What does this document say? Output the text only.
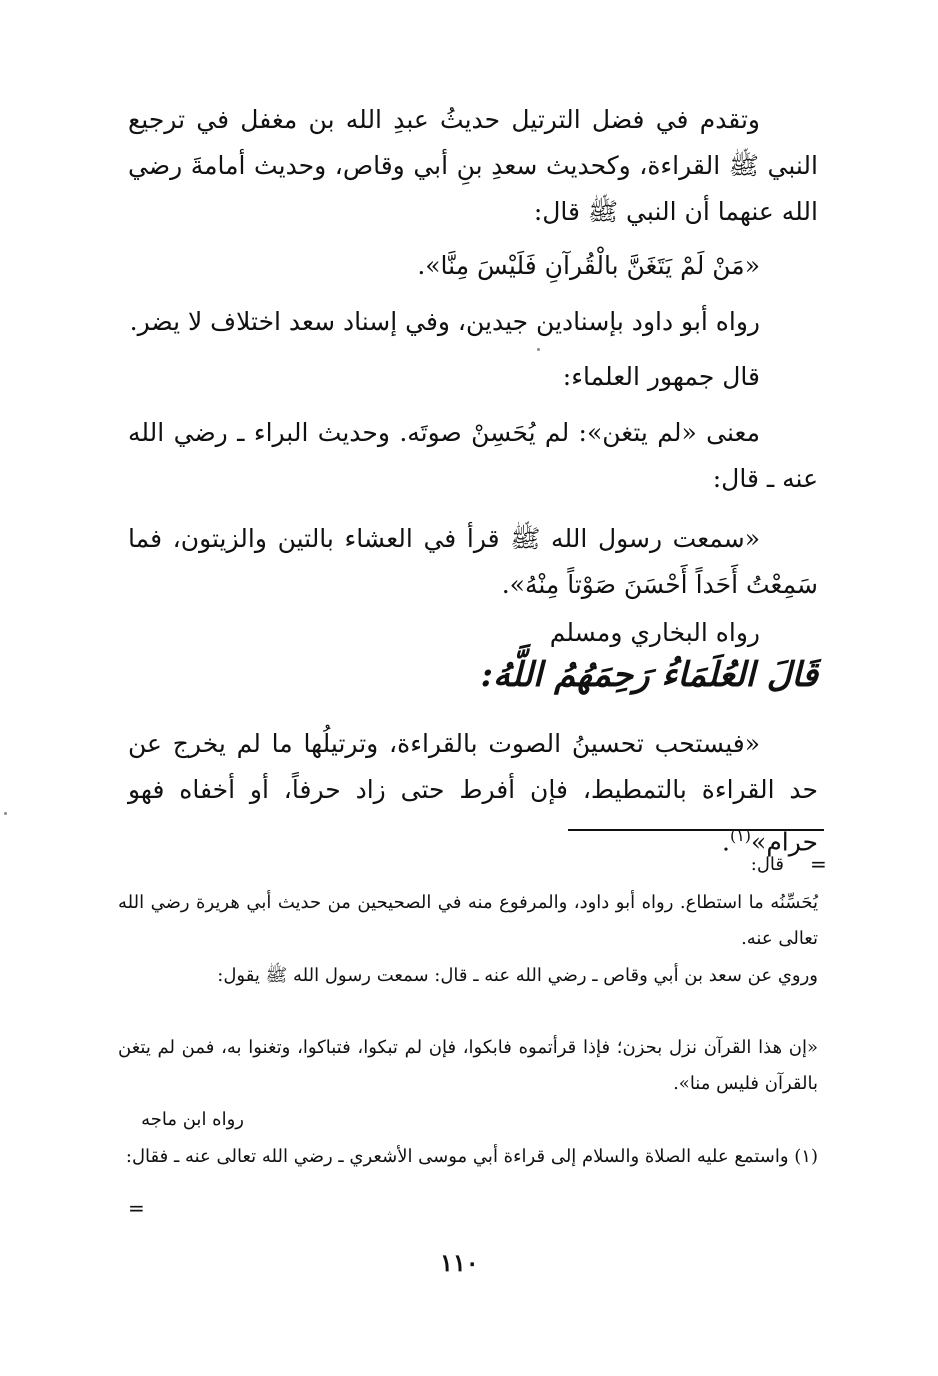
وتقدم في فضل الترتيل حديثُ عبدِ الله بن مغفل في ترجيع النبي ﷺ القراءة، وكحديث سعدِ بنِ أبي وقاص، وحديث أمامةَ رضي الله عنهما أن النبي ﷺ قال:

«مَنْ لَمْ يَتَغَنَّ بالْقُرآنِ فَلَيْسَ مِنَّا».

رواه أبو داود بإسنادين جيدين، وفي إسناد سعد اختلاف لا يضر.

قال جمهور العلماء:

معنى «لم يتغن»: لم يُحَسِنْ صوتَه. وحديث البراء ـ رضي الله عنه ـ قال:

«سمعت رسول الله ﷺ قرأ في العشاء بالتين والزيتون، فما سَمِعْتُ أَحَداً أَحْسَنَ صَوْتاً مِنْهُ».

رواه البخاري ومسلم

قَالَ العُلَمَاءُ رَحِمَهُمُ اللَّهُ:

«فيستحب تحسينُ الصوت بالقراءة، وترتيلُها ما لم يخرج عن حد القراءة بالتمطيط، فإن أفرط حتى زاد حرفاً، أو أخفاه فهو حرام»$^{(١)}$.

=

قال:

يُحَسِّنُه ما استطاع. رواه أبو داود، والمرفوع منه في الصحيحين من حديث أبي هريرة رضي الله تعالى عنه.

وروي عن سعد بن أبي وقاص ـ رضي الله عنه ـ قال: سمعت رسول الله ﷺ يقول:

«إن هذا القرآن نزل بحزن؛ فإذا قرأتموه فابكوا، فإن لم تبكوا، فتباكوا، وتغنوا به، فمن لم يتغن بالقرآن فليس منا».

رواه ابن ماجه

(١) واستمع عليه الصلاة والسلام إلى قراءة أبي موسى الأشعري ـ رضي الله تعالى عنه ـ فقال:

=
١١٠
